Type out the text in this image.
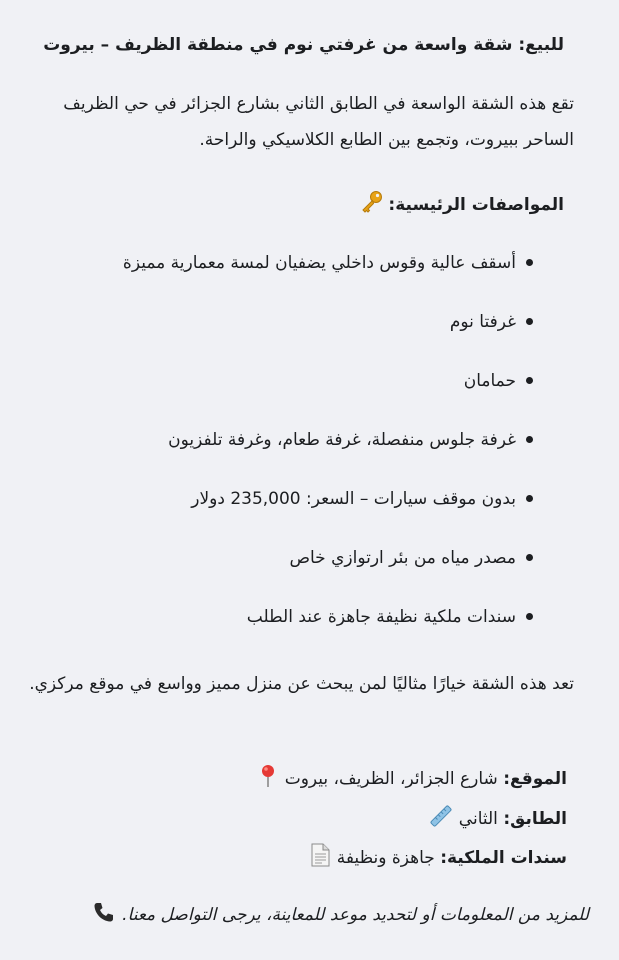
للبيع: شقة واسعة من غرفتي نوم في منطقة الظريف – بيروت
تقع هذه الشقة الواسعة في الطابق الثاني بشارع الجزائر في حي الظريف الساحر ببيروت، وتجمع بين الطابع الكلاسيكي والراحة.
المواصفات الرئيسية:
أسقف عالية وقوس داخلي يضفيان لمسة معمارية مميزة
غرفتا نوم
حمامان
غرفة جلوس منفصلة، غرفة طعام، وغرفة تلفزيون
بدون موقف سيارات – السعر: 235,000 دولار
مصدر مياه من بئر ارتوازي خاص
سندات ملكية نظيفة جاهزة عند الطلب
تعد هذه الشقة خيارًا مثاليًا لمن يبحث عن منزل مميز وواسع في موقع مركزي.
الموقع: شارع الجزائر، الظريف، بيروت
الطابق: الثاني
سندات الملكية: جاهزة ونظيفة
للمزيد من المعلومات أو لتحديد موعد للمعاينة، يرجى التواصل معنا.
